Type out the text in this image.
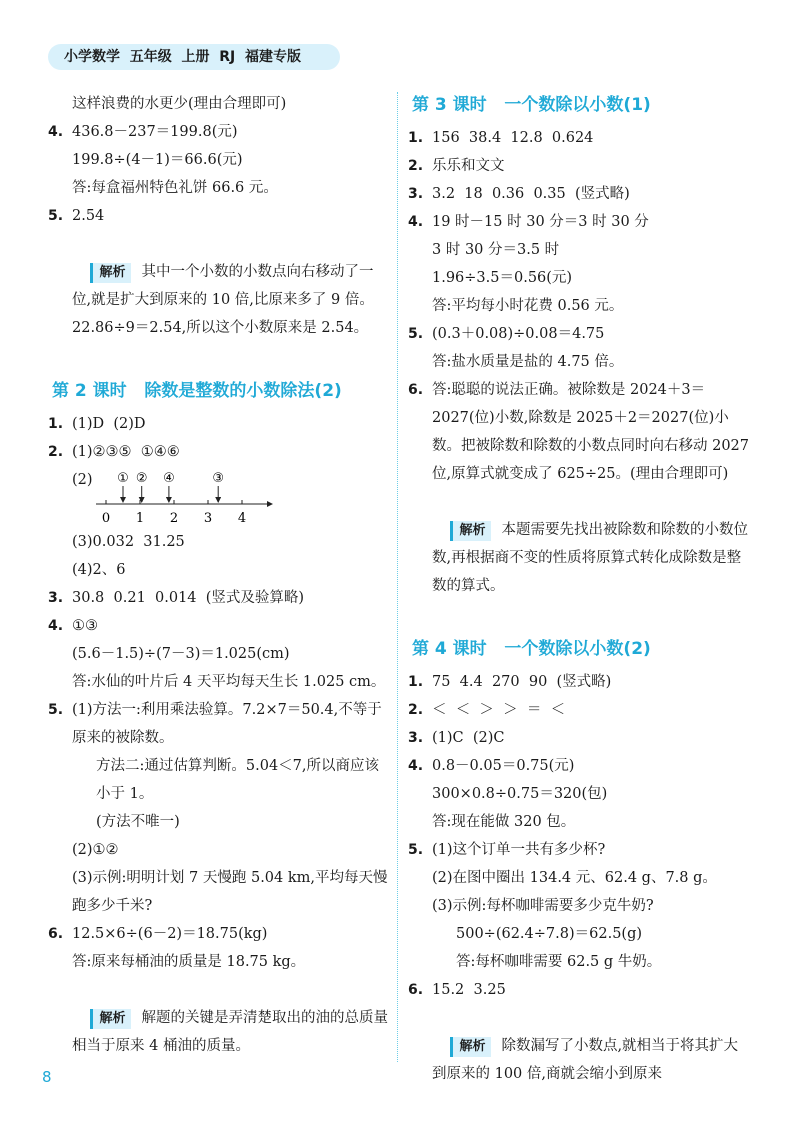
小学数学  五年级  上册  RJ  福建专版
这样浪费的水更少(理由合理即可)
4. 436.8－237＝199.8(元)
199.8÷(4－1)＝66.6(元)
答:每盒福州特色礼饼 66.6 元。
5. 2.54

解析 其中一个小数的小数点向右移动了一位,就是扩大到原来的 10 倍,比原来多了 9 倍。22.86÷9＝2.54,所以这个小数原来是 2.54。

第 2 课时   除数是整数的小数除法(2)
1. (1)D  (2)D
2. (1)②③⑤  ①④⑥
(2)
0 1 2 3 4
① ② ④	③
(3)0.032  31.25
(4)2、6
3. 30.8  0.21  0.014  (竖式及验算略)
4. ①③
(5.6－1.5)÷(7－3)＝1.025(cm)
答:水仙的叶片后 4 天平均每天生长 1.025 cm。
5. (1)方法一:利用乘法验算。7.2×7＝50.4,不等于原来的被除数。
方法二:通过估算判断。5.04＜7,所以商应该小于 1。
(方法不唯一)
(2)①②
(3)示例:明明计划 7 天慢跑 5.04 km,平均每天慢跑多少千米?
6. 12.5×6÷(6－2)＝18.75(kg)
答:原来每桶油的质量是 18.75 kg。

解析 解题的关键是弄清楚取出的油的总质量相当于原来 4 桶油的质量。

第 3 课时   一个数除以小数(1)
1. 156  38.4  12.8  0.624
2. 乐乐和文文
3. 3.2  18  0.36  0.35  (竖式略)
4. 19 时－15 时 30 分＝3 时 30 分
3 时 30 分＝3.5 时
1.96÷3.5＝0.56(元)
答:平均每小时花费 0.56 元。
5. (0.3＋0.08)÷0.08＝4.75
答:盐水质量是盐的 4.75 倍。
6. 答:聪聪的说法正确。被除数是 2024＋3＝2027(位)小数,除数是 2025＋2＝2027(位)小数。把被除数和除数的小数点同时向右移动 2027 位,原算式就变成了 625÷25。(理由合理即可)

解析 本题需要先找出被除数和除数的小数位数,再根据商不变的性质将原算式转化成除数是整数的算式。

第 4 课时   一个数除以小数(2)
1. 75  4.4  270  90  (竖式略)
2. ＜  ＜  ＞  ＞  ＝  ＜
3. (1)C  (2)C
4. 0.8－0.05＝0.75(元)
300×0.8÷0.75＝320(包)
答:现在能做 320 包。
5. (1)这个订单一共有多少杯?
(2)在图中圈出 134.4 元、62.4 g、7.8 g。
(3)示例:每杯咖啡需要多少克牛奶?
500÷(62.4÷7.8)＝62.5(g)
答:每杯咖啡需要 62.5 g 牛奶。
6. 15.2  3.25

解析 除数漏写了小数点,就相当于将其扩大到原来的 100 倍,商就会缩小到原来

8
